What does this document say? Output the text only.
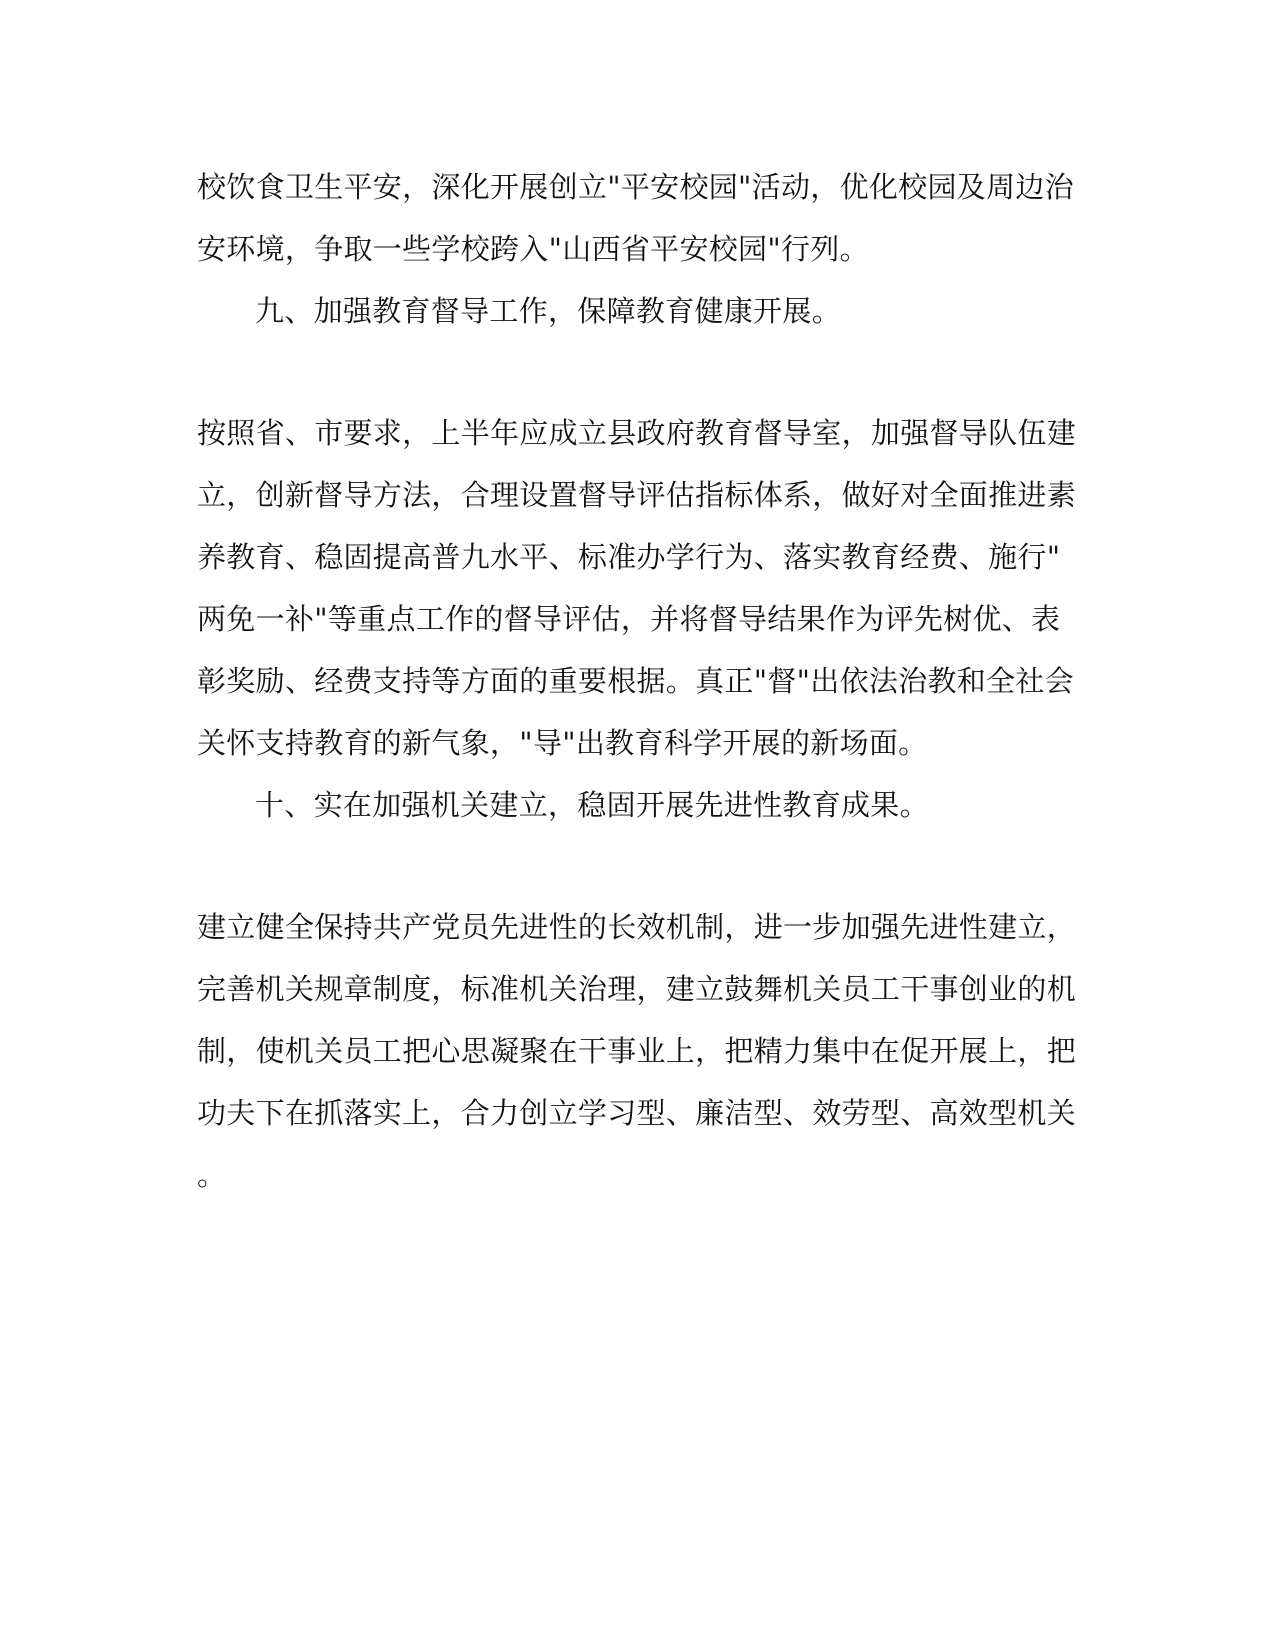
校饮食卫生平安，深化开展创立"平安校园"活动，优化校园及周边治
安环境，争取一些学校跨入"山西省平安校园"行列。
九、加强教育督导工作，保障教育健康开展。
按照省、市要求，上半年应成立县政府教育督导室，加强督导队伍建
立，创新督导方法，合理设置督导评估指标体系，做好对全面推进素
养教育、稳固提高普九水平、标准办学行为、落实教育经费、施行"
两免一补"等重点工作的督导评估，并将督导结果作为评先树优、表
彰奖励、经费支持等方面的重要根据。真正"督"出依法治教和全社会
关怀支持教育的新气象，"导"出教育科学开展的新场面。
十、实在加强机关建立，稳固开展先进性教育成果。
建立健全保持共产党员先进性的长效机制，进一步加强先进性建立，
完善机关规章制度，标准机关治理，建立鼓舞机关员工干事创业的机
制，使机关员工把心思凝聚在干事业上，把精力集中在促开展上，把
功夫下在抓落实上，合力创立学习型、廉洁型、效劳型、高效型机关
。
